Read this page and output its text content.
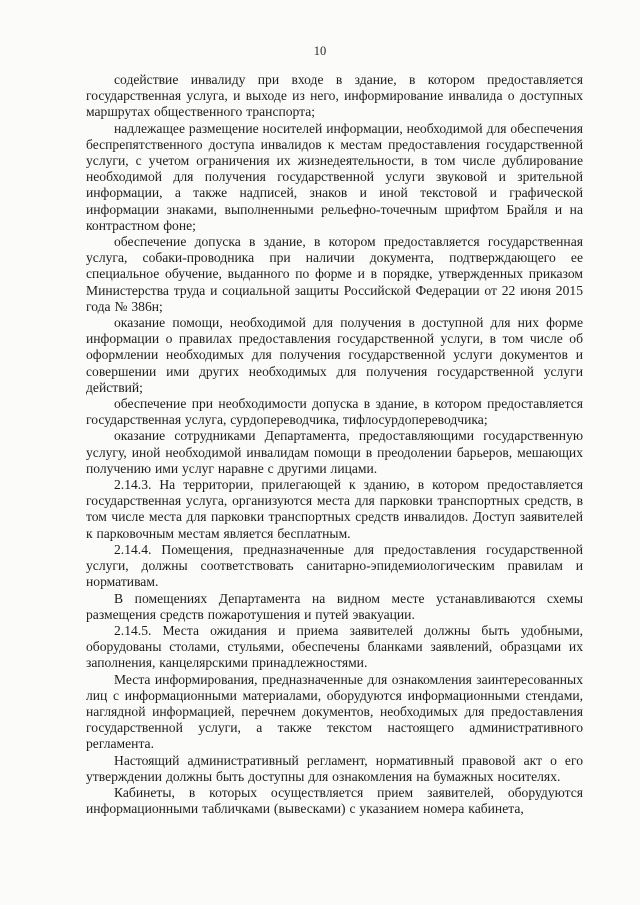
10

содействие инвалиду при входе в здание, в котором предоставляется государственная услуга, и выходе из него, информирование инвалида о доступных маршрутах общественного транспорта;

надлежащее размещение носителей информации, необходимой для обеспечения беспрепятственного доступа инвалидов к местам предоставления государственной услуги, с учетом ограничения их жизнедеятельности, в том числе дублирование необходимой для получения государственной услуги звуковой и зрительной информации, а также надписей, знаков и иной текстовой и графической информации знаками, выполненными рельефно-точечным шрифтом Брайля и на контрастном фоне;

обеспечение допуска в здание, в котором предоставляется государственная услуга, собаки-проводника при наличии документа, подтверждающего ее специальное обучение, выданного по форме и в порядке, утвержденных приказом Министерства труда и социальной защиты Российской Федерации от 22 июня 2015 года № 386н;

оказание помощи, необходимой для получения в доступной для них форме информации о правилах предоставления государственной услуги, в том числе об оформлении необходимых для получения государственной услуги документов и совершении ими других необходимых для получения государственной услуги действий;

обеспечение при необходимости допуска в здание, в котором предоставляется государственная услуга, сурдопереводчика, тифлосурдопереводчика;

оказание сотрудниками Департамента, предоставляющими государственную услугу, иной необходимой инвалидам помощи в преодолении барьеров, мешающих получению ими услуг наравне с другими лицами.

2.14.3. На территории, прилегающей к зданию, в котором предоставляется государственная услуга, организуются места для парковки транспортных средств, в том числе места для парковки транспортных средств инвалидов. Доступ заявителей к парковочным местам является бесплатным.

2.14.4. Помещения, предназначенные для предоставления государственной услуги, должны соответствовать санитарно-эпидемиологическим правилам и нормативам.

В помещениях Департамента на видном месте устанавливаются схемы размещения средств пожаротушения и путей эвакуации.

2.14.5. Места ожидания и приема заявителей должны быть удобными, оборудованы столами, стульями, обеспечены бланками заявлений, образцами их заполнения, канцелярскими принадлежностями.

Места информирования, предназначенные для ознакомления заинтересованных лиц с информационными материалами, оборудуются информационными стендами, наглядной информацией, перечнем документов, необходимых для предоставления государственной услуги, а также текстом настоящего административного регламента.

Настоящий административный регламент, нормативный правовой акт о его утверждении должны быть доступны для ознакомления на бумажных носителях.

Кабинеты, в которых осуществляется прием заявителей, оборудуются информационными табличками (вывесками) с указанием номера кабинета,
